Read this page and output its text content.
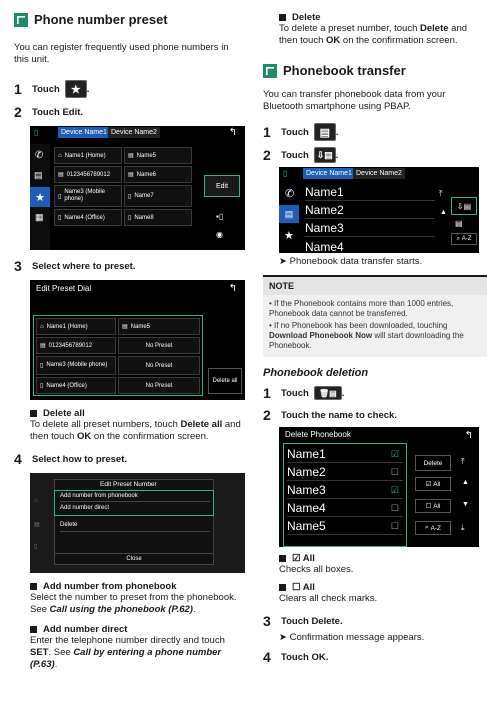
Phone number preset

You can register frequently used phone numbers in this unit.

1 Touch ★ .
2 Touch
Edit .
▯	Device Name1 Device Name2	↰
✆
▤
★
▦
⌂ Name1 (Home)	▤ Name5
▤ 0123456789012	▤ Name6
▯
Name3 (Mobile phone)	▯ Name7
▯ Name4 (Office)	▯ Name8
Edit
▪▯
◉
3 Select where to preset.
Edit Preset Dial	↰
⌂ Name1 (Home)	▤ Name5
▤ 0123456789012	No Preset
▯ Name3 (Mobile phone)	No Preset
▯ Name4 (Office)	No Preset
Delete all
Delete all

To delete all preset numbers, touch Delete all and then touch OK on the confirmation screen.

4 Select how to preset.
Edit Preset Number
Add number from phonebook
Add number direct
Delete
Close
⌂
▤
▯
Add number from phonebook

Select the number to preset from the phonebook. See Call using the phonebook (P.62).

Add number direct

Enter the telephone number directly and touch SET. See Call by entering a phone number (P.63).

Delete

To delete a preset number, touch Delete and then touch OK on the confirmation screen.

Phonebook transfer

You can transfer phonebook data from your Bluetooth smartphone using PBAP.

1 Touch ▤ .
2 Touch ⇩▤ .
▯	Device Name1 Device Name2
✆
▤
★
Name1
Name2
Name3
Name4
⤒
▲
⇩▤
▤
⌕
A-Z
➤ Phonebook data transfer starts.
NOTE
• If the Phonebook contains more than 1000 entries, Phonebook data cannot be transferred.
• If no Phonebook has been downloaded, touching Download Phonebook Now will start downloading the Phonebook.
Phonebook deletion
1 Touch 🗑▤ .
2 Touch the name to check.
Delete Phonebook	↰
Name1	☑
Name2	☐
Name3	☑
Name4	☐
Name5	☐
Delete
☑
All
☐
All
⌕
A-Z
⤒
▲
▼
⤓
☑ All

Checks all boxes.

☐ All

Clears all check marks.

3 Touch
Delete .
➤ Confirmation message appears.
4 Touch
OK .
